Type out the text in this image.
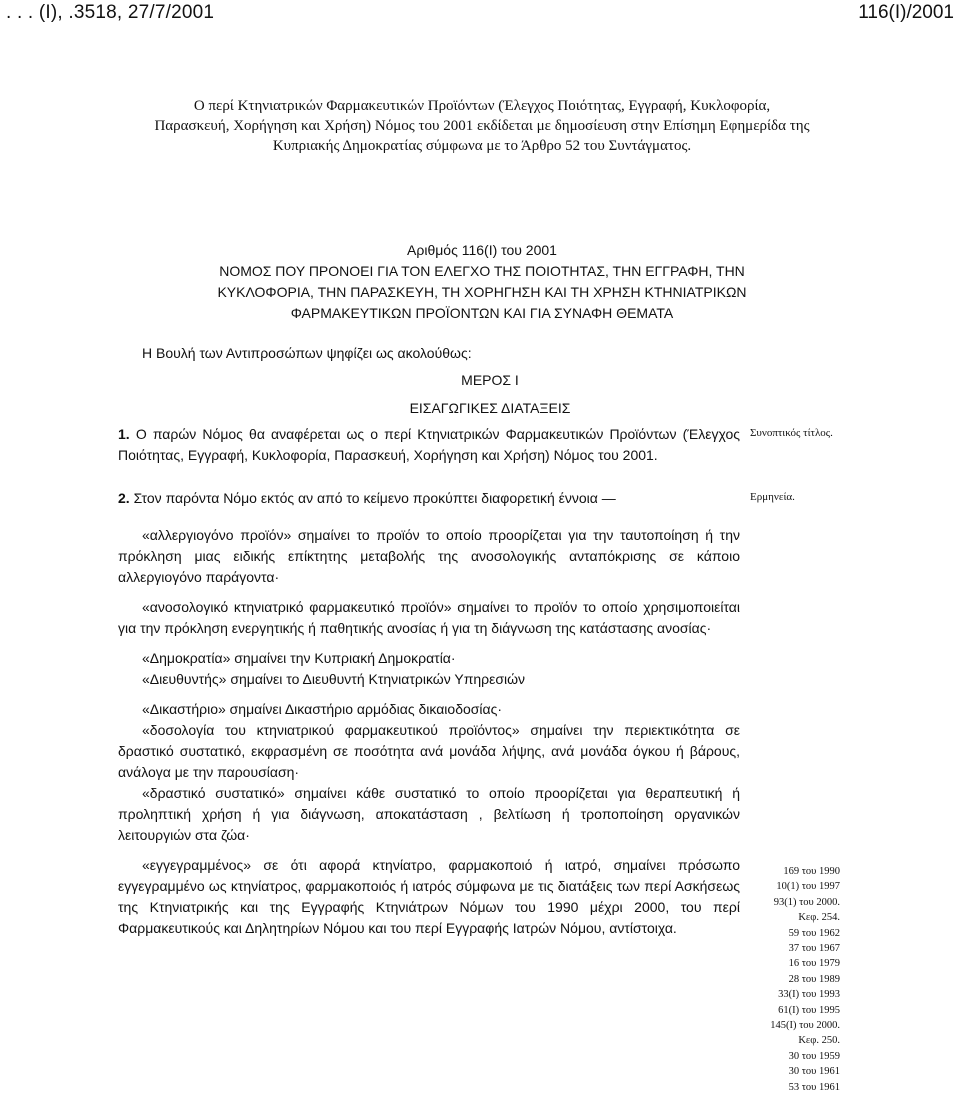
. . . (Ι), .3518, 27/7/2001	116(Ι)/2001
Ο περί Κτηνιατρικών Φαρμακευτικών Προϊόντων (Έλεγχος Ποιότητας, Εγγραφή, Κυκλοφορία,
Παρασκευή, Χορήγηση και Χρήση) Νόμος του 2001 εκδίδεται με δημοσίευση στην Επίσημη Εφημερίδα της
Κυπριακής Δημοκρατίας σύμφωνα με το Άρθρο 52 του Συντάγματος.
Αριθμός 116(Ι) του 2001
ΝΟΜΟΣ ΠΟΥ ΠΡΟΝΟΕΙ ΓΙΑ ΤΟΝ ΕΛΕΓΧΟ ΤΗΣ ΠΟΙΟΤΗΤΑΣ, ΤΗΝ ΕΓΓΡΑΦΗ, ΤΗΝ
ΚΥΚΛΟΦΟΡΙΑ, ΤΗΝ ΠΑΡΑΣΚΕΥΗ, ΤΗ ΧΟΡΗΓΗΣΗ ΚΑΙ ΤΗ ΧΡΗΣΗ ΚΤΗΝΙΑΤΡΙΚΩΝ
ΦΑΡΜΑΚΕΥΤΙΚΩΝ ΠΡΟΪΟΝΤΩΝ ΚΑΙ ΓΙΑ ΣΥΝΑΦΗ ΘΕΜΑΤΑ
Η Βουλή των Αντιπροσώπων ψηφίζει ως ακολούθως:
ΜΕΡΟΣ Ι
ΕΙΣΑΓΩΓΙΚΕΣ ΔΙΑΤΑΞΕΙΣ

1. Ο παρών Νόμος θα αναφέρεται ως ο περί Κτηνιατρικών Φαρμακευτικών Προϊόντων (Έλεγχος Ποιότητας, Εγγραφή, Κυκλοφορία, Παρασκευή, Χορήγηση και Χρήση) Νόμος του 2001.

Συνοπτικός τίτλος.

2. Στον παρόντα Νόμο εκτός αν από το κείμενο προκύπτει διαφορετική έννοια —	Ερμηνεία.

«αλλεργιογόνο προϊόν» σημαίνει το προϊόν το οποίο προορίζεται για την ταυτοποίηση ή την πρόκληση μιας ειδικής επίκτητης μεταβολής της ανοσολογικής ανταπόκρισης σε κάποιο αλλεργιογόνο παράγοντα·

«ανοσολογικό κτηνιατρικό φαρμακευτικό προϊόν» σημαίνει το προϊόν το οποίο χρησιμοποιείται για την πρόκληση ενεργητικής ή παθητικής ανοσίας ή για τη διάγνωση της κατάστασης ανοσίας·

«Δημοκρατία» σημαίνει την Κυπριακή Δημοκρατία·

«Διευθυντής» σημαίνει το Διευθυντή Κτηνιατρικών Υπηρεσιών

«Δικαστήριο» σημαίνει Δικαστήριο αρμόδιας δικαιοδοσίας·

«δοσολογία του κτηνιατρικού φαρμακευτικού προϊόντος» σημαίνει την περιεκτικότητα σε δραστικό συστατικό, εκφρασμένη σε ποσότητα ανά μονάδα λήψης, ανά μονάδα όγκου ή βάρους, ανάλογα με την παρουσίαση·

«δραστικό συστατικό» σημαίνει κάθε συστατικό το οποίο προορίζεται για θεραπευτική ή προληπτική χρήση ή για διάγνωση, αποκατάσταση , βελτίωση ή τροποποίηση οργανικών λειτουργιών στα ζώα·

«εγγεγραμμένος» σε ότι αφορά κτηνίατρο, φαρμακοποιό ή ιατρό, σημαίνει πρόσωπο εγγεγραμμένο ως κτηνίατρος, φαρμακοποιός ή ιατρός σύμφωνα με τις διατάξεις των περί Ασκήσεως της Κτηνιατρικής και της Εγγραφής Κτηνιάτρων Νόμων του 1990 μέχρι 2000, του περί Φαρμακευτικούς και Δηλητηρίων Νόμου και του περί Εγγραφής Ιατρών Νόμου, αντίστοιχα.

169 του 1990
10(1) του 1997
93(1) του 2000.
Κεφ. 254.
59 του 1962
37 του 1967
16 του 1979
28 του 1989
33(Ι) του 1993
61(Ι) του 1995
145(Ι) του 2000.
Κεφ. 250.
30 του 1959
30 του 1961
53 του 1961
